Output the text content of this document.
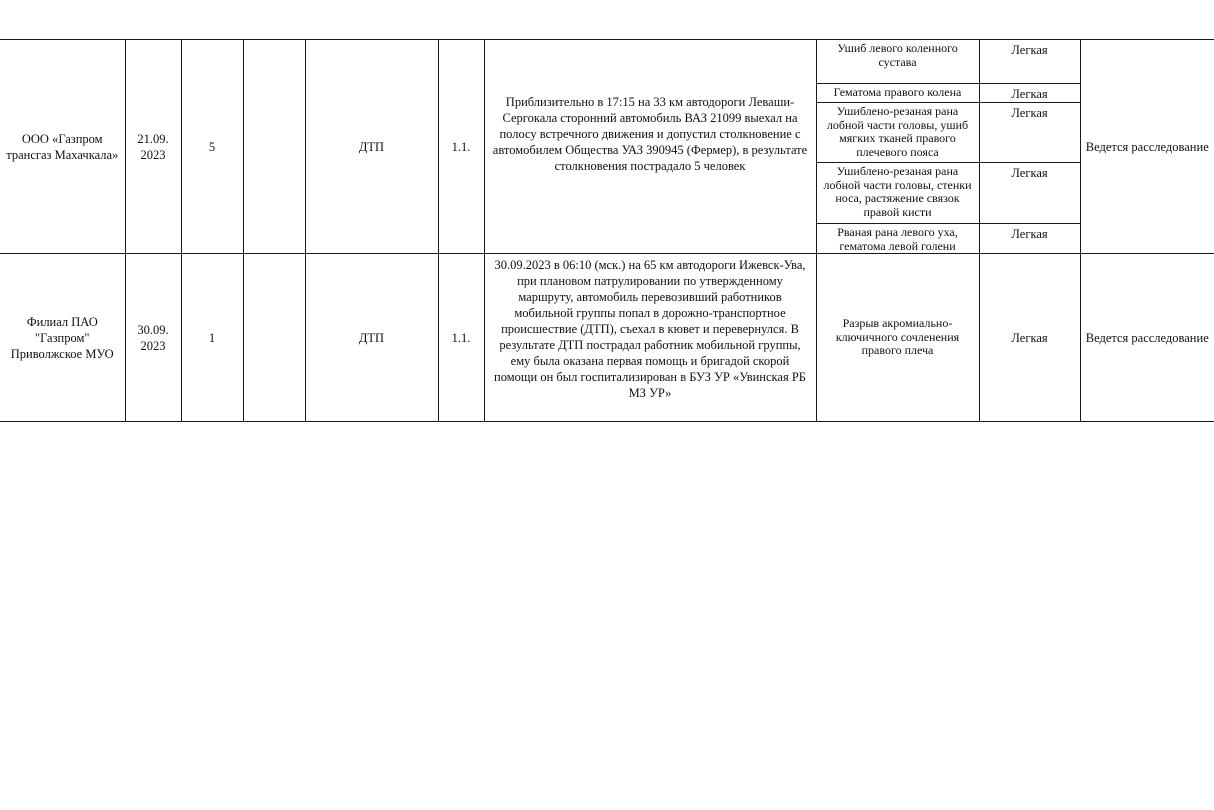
ООО «Газпром трансгаз Махачкала»	21.09. 2023	5		ДТП	1.1.	Приблизительно в 17:15 на 33 км автодороги Леваши-Сергокала сторонний автомобиль ВАЗ 21099 выехал на полосу встречного движения и допустил столкновение с автомобилем Общества УАЗ 390945 (Фермер), в результате столкновения пострадало 5 человек	Ушиб левого коленного сустава	Легкая	Ведется расследование
							Гематома правого колена	Легкая	
							Ушиблено-резаная рана лобной части головы, ушиб мягких тканей правого плечевого пояса	Легкая	
							Ушиблено-резаная рана лобной части головы, стенки носа, растяжение связок правой кисти	Легкая	
							Рваная рана левого уха, гематома левой голени	Легкая	
Филиал ПАО "Газпром" Приволжское МУО	30.09. 2023	1		ДТП	1.1.	30.09.2023 в 06:10 (мск.) на 65 км автодороги Ижевск-Ува, при плановом патрулировании по утвержденному маршруту, автомобиль перевозивший работников мобильной группы попал в дорожно-транспортное происшествие (ДТП), съехал в кювет и перевернулся. В результате ДТП пострадал работник мобильной группы, ему была оказана первая помощь и бригадой скорой помощи он был госпитализирован в БУЗ УР «Увинская РБ МЗ УР»	Разрыв акромиально-ключичного сочленения правого плеча	Легкая	Ведется расследование
